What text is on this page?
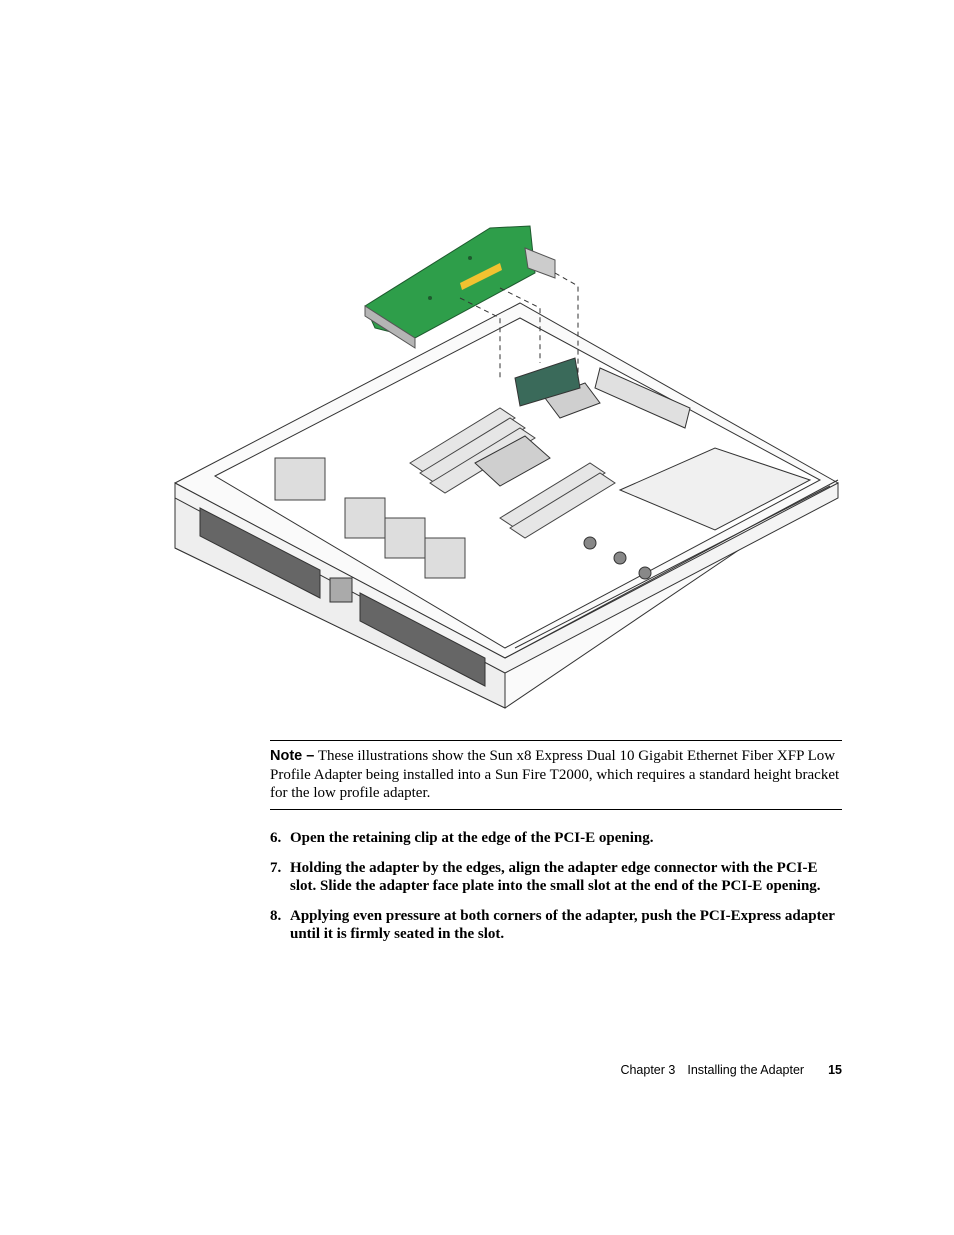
Note – These illustrations show the Sun x8 Express Dual 10 Gigabit Ethernet Fiber XFP Low Profile Adapter being installed into a Sun Fire T2000, which requires a standard height bracket for the low profile adapter.

6. Open the retaining clip at the edge of the PCI-E opening.
7. Holding the adapter by the edges, align the adapter edge connector with the PCI-E slot. Slide the adapter face plate into the small slot at the end of the PCI-E opening.
8. Applying even pressure at both corners of the adapter, push the PCI-Express adapter until it is firmly seated in the slot.
Chapter 3 Installing the Adapter 15
